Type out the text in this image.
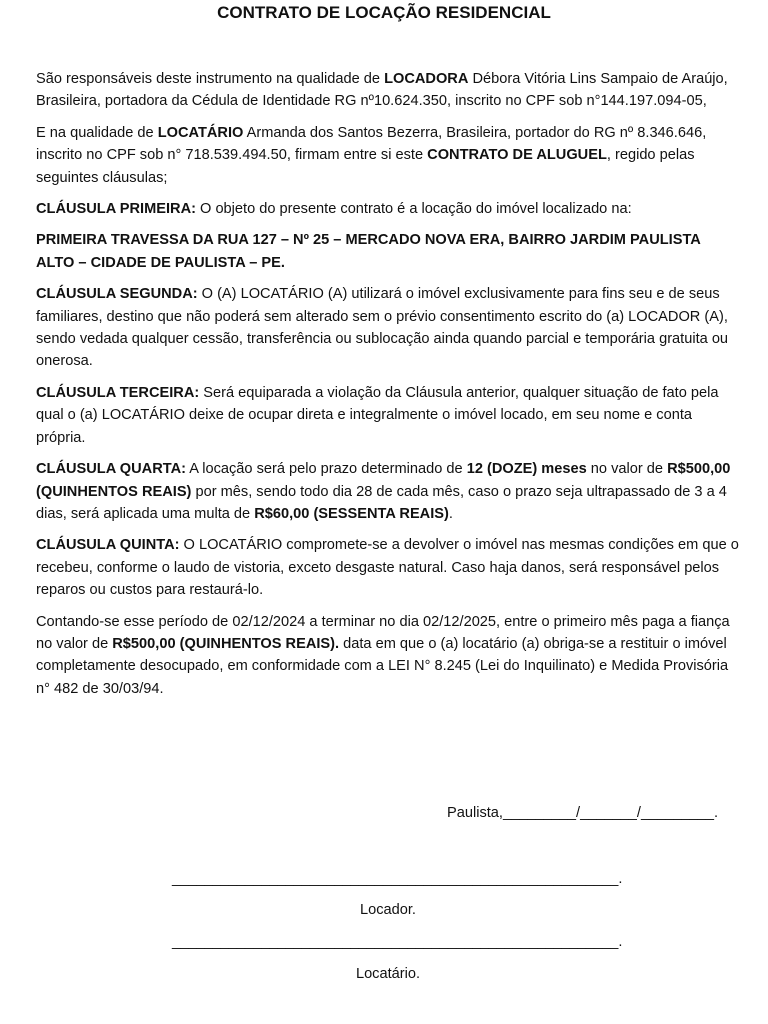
CONTRATO DE LOCAÇÃO RESIDENCIAL

São responsáveis deste instrumento na qualidade de LOCADORA Débora Vitória Lins Sampaio de Araújo, Brasileira, portadora da Cédula de Identidade RG nº10.624.350, inscrito no CPF sob n°144.197.094-05,

E na qualidade de LOCATÁRIO Armanda dos Santos Bezerra, Brasileira, portador do RG nº 8.346.646, inscrito no CPF sob n° 718.539.494.50, firmam entre si este CONTRATO DE ALUGUEL, regido pelas seguintes cláusulas;

CLÁUSULA PRIMEIRA: O objeto do presente contrato é a locação do imóvel localizado na:

PRIMEIRA TRAVESSA DA RUA 127 – Nº 25 – MERCADO NOVA ERA, BAIRRO JARDIM PAULISTA ALTO – CIDADE DE PAULISTA – PE.

CLÁUSULA SEGUNDA: O (A) LOCATÁRIO (A) utilizará o imóvel exclusivamente para fins seu e de seus familiares, destino que não poderá sem alterado sem o prévio consentimento escrito do (a) LOCADOR (A), sendo vedada qualquer cessão, transferência ou sublocação ainda quando parcial e temporária gratuita ou onerosa.

CLÁUSULA TERCEIRA: Será equiparada a violação da Cláusula anterior, qualquer situação de fato pela qual o (a) LOCATÁRIO deixe de ocupar direta e integralmente o imóvel locado, em seu nome e conta própria.

CLÁUSULA QUARTA: A locação será pelo prazo determinado de 12 (DOZE) meses no valor de R$500,00 (QUINHENTOS REAIS) por mês, sendo todo dia 28 de cada mês, caso o prazo seja ultrapassado de 3 a 4 dias, será aplicada uma multa de R$60,00 (SESSENTA REAIS).

CLÁUSULA QUINTA: O LOCATÁRIO compromete-se a devolver o imóvel nas mesmas condições em que o recebeu, conforme o laudo de vistoria, exceto desgaste natural. Caso haja danos, será responsável pelos reparos ou custos para restaurá-lo.

Contando-se esse período de 02/12/2024 a terminar no dia 02/12/2025, entre o primeiro mês paga a fiança no valor de R$500,00 (QUINHENTOS REAIS). data em que o (a) locatário (a) obriga-se a restituir o imóvel completamente desocupado, em conformidade com a LEI N° 8.245 (Lei do Inquilinato) e Medida Provisória n° 482 de 30/03/94.

Paulista,_________/_______/_________.
_______________________________________________________.
Locador.
_______________________________________________________.
Locatário.
